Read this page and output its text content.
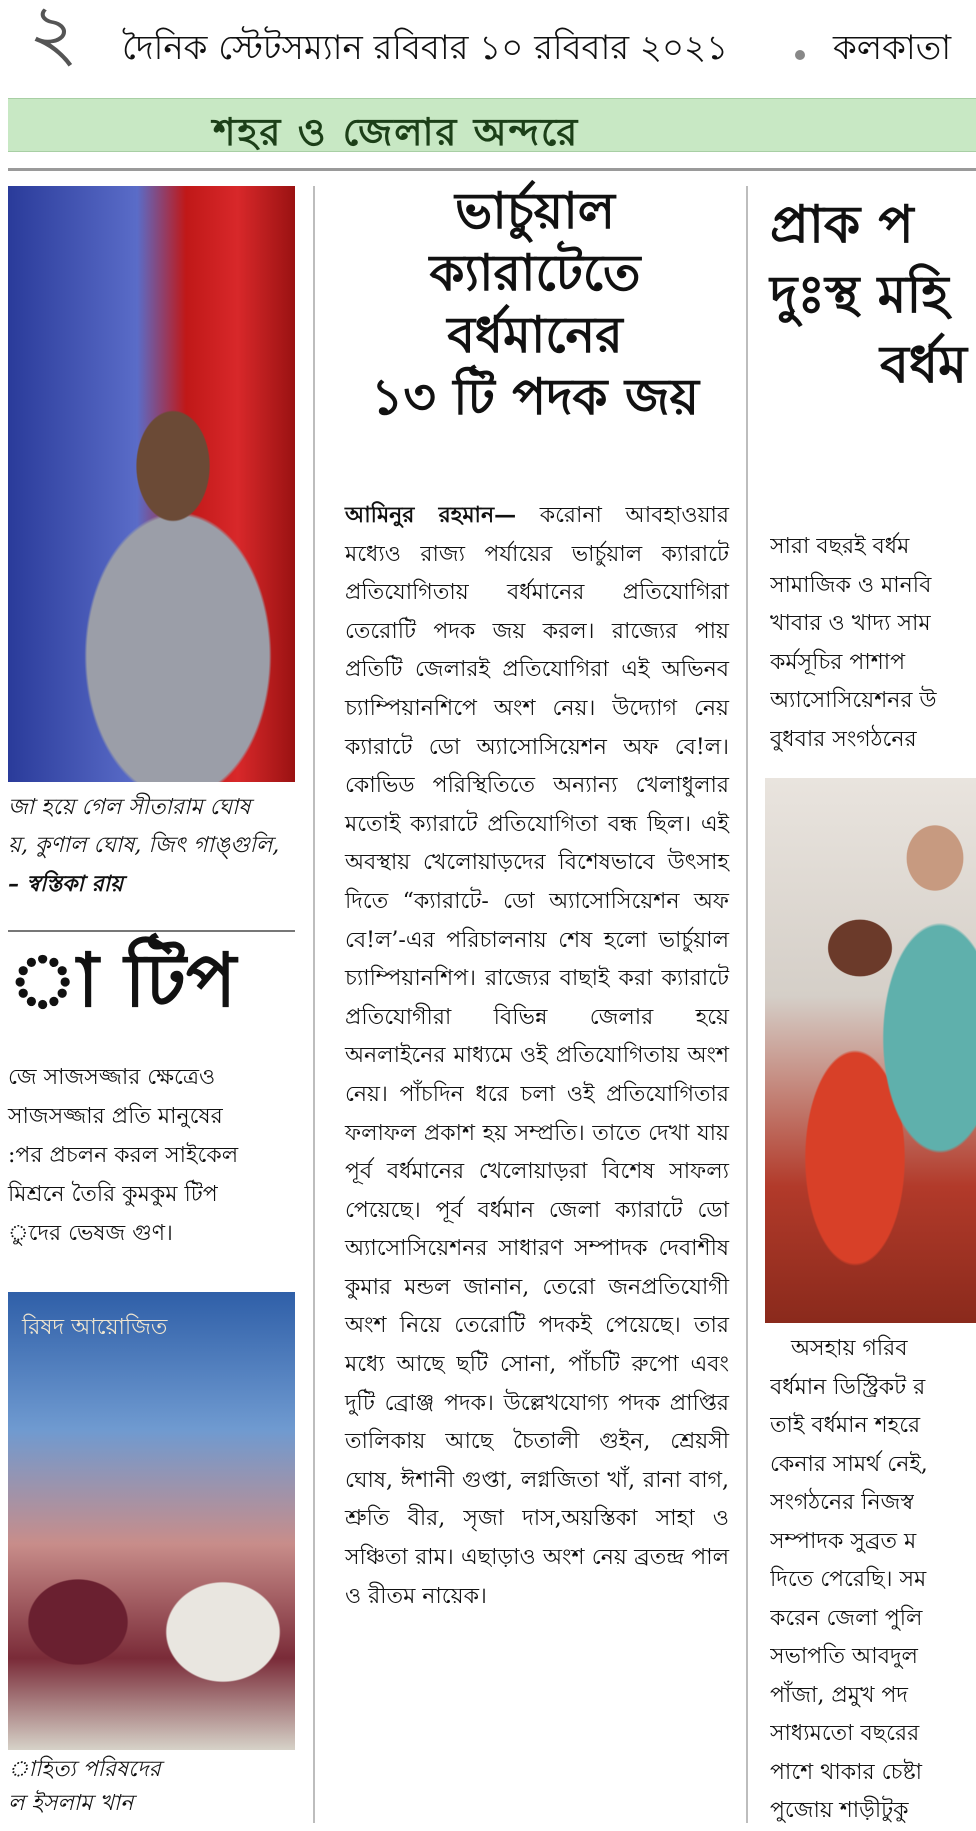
২ দৈনিক স্টেটসম্যান রবিবার ১০ রবিবার ২০২১	কলকাতা
শহর ও জেলার অন্দরে
জা হয়ে গেল সীতারাম ঘোষ
য়, কুণাল ঘোষ, জিৎ গাঙ্গুলি,
– স্বস্তিকা রায়
া টিপ
জে সাজসজ্জার ক্ষেত্রেও
সাজসজ্জার প্রতি মানুষের
:পর প্রচলন করল সাইকেল
মিশ্রনে তৈরি কুমকুম টিপ
ুদের ভেষজ গুণ।
রিষদ আয়োজিত
াহিত্য পরিষদের
ল ইসলাম খান
ভার্চুয়াল
ক্যারাটেতে
বর্ধমানের
১৩ টি পদক জয়
আমিনুর রহমান— করোনা আবহাওয়ার মধ্যেও রাজ্য পর্যায়ের ভার্চুয়াল ক্যারাটে প্রতিযোগিতায় বর্ধমানের প্রতিযোগিরা তেরোটি পদক জয় করল। রাজ্যের পায় প্রতিটি জেলারই প্রতিযোগিরা এই অভিনব চ্যাম্পিয়ানশিপে অংশ নেয়। উদ্যোগ নেয় ক্যারাটে ডো অ্যাসোসিয়েশন অফ বে!ল। কোভিড পরিস্থিতিতে অন্যান্য খেলাধুলার মতোই ক্যারাটে প্রতিযোগিতা বন্ধ ছিল। এই অবস্থায় খেলোয়াড়দের বিশেষভাবে উৎসাহ দিতে “ক্যারাটে- ডো অ্যাসোসিয়েশন অফ বে!ল’-এর পরিচালনায় শেষ হলো ভার্চুয়াল চ্যাম্পিয়ানশিপ। রাজ্যের বাছাই করা ক্যারাটে প্রতিযোগীরা বিভিন্ন জেলার হয়ে অনলাইনের মাধ্যমে ওই প্রতিযোগিতায় অংশ নেয়। পাঁচদিন ধরে চলা ওই প্রতিযোগিতার ফলাফল প্রকাশ হয় সম্প্রতি। তাতে দেখা যায় পূর্ব বর্ধমানের খেলোয়াড়রা বিশেষ সাফল্য পেয়েছে। পূর্ব বর্ধমান জেলা ক্যারাটে ডো অ্যাসোসিয়েশনর সাধারণ সম্পাদক দেবাশীষ কুমার মন্ডল জানান, তেরো জনপ্রতিযোগী অংশ নিয়ে তেরোটি পদকই পেয়েছে। তার মধ্যে আছে ছটি সোনা, পাঁচটি রুপো এবং দুটি ব্রোঞ্জ পদক। উল্লেখযোগ্য পদক প্রাপ্তির তালিকায় আছে চৈতালী গুইন, শ্রেয়সী ঘোষ, ঈশানী গুপ্তা, লগ্নজিতা খাঁ, রানা বাগ, শ্রুতি বীর, সৃজা দাস,অয়স্তিকা সাহা ও সঞ্চিতা রাম। এছাড়াও অংশ নেয় ব্রতন্দ্র পাল ও রীতম নায়েক।
প্রাক প
দুঃস্থ মহি
বর্ধম
সারা বছরই বর্ধম
সামাজিক ও মানবি
খাবার ও খাদ্য সাম
কর্মসূচির পাশাপ
অ্যাসোসিয়েশনর উ
বুধবার সংগঠনের
অসহায় গরিব
বর্ধমান ডিস্ট্রিকট র
তাই বর্ধমান শহরে
কেনার সামর্থ নেই,
সংগঠনের নিজস্ব
সম্পাদক সুব্রত ম
দিতে পেরেছি। সম
করেন জেলা পুলি
সভাপতি আবদুল
পাঁজা, প্রমুখ পদ
সাধ্যমতো বছরের
পাশে থাকার চেষ্টা
পুজোয় শাড়ীটুকু
